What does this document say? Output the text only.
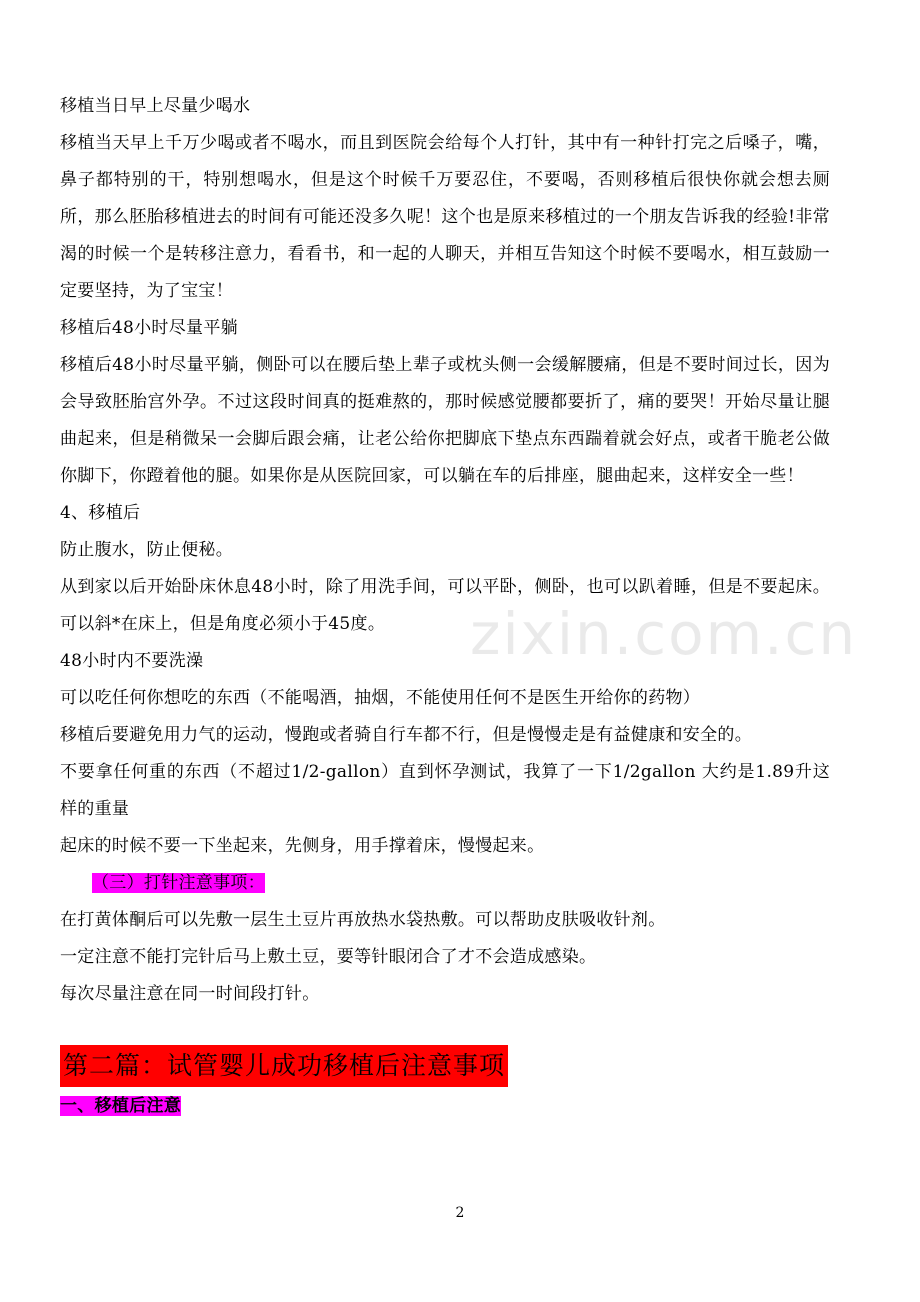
移植当日早上尽量少喝水

移植当天早上千万少喝或者不喝水，而且到医院会给每个人打针，其中有一种针打完之后嗓子，嘴，鼻子都特别的干，特别想喝水，但是这个时候千万要忍住，不要喝，否则移植后很快你就会想去厕所，那么胚胎移植进去的时间有可能还没多久呢！这个也是原来移植过的一个朋友告诉我的经验!非常渴的时候一个是转移注意力，看看书，和一起的人聊天，并相互告知这个时候不要喝水，相互鼓励一定要坚持，为了宝宝！

移植后48小时尽量平躺

移植后48小时尽量平躺，侧卧可以在腰后垫上辈子或枕头侧一会缓解腰痛，但是不要时间过长，因为会导致胚胎宫外孕。不过这段时间真的挺难熬的，那时候感觉腰都要折了，痛的要哭！开始尽量让腿曲起来，但是稍微呆一会脚后跟会痛，让老公给你把脚底下垫点东西踹着就会好点，或者干脆老公做你脚下，你蹬着他的腿。如果你是从医院回家，可以躺在车的后排座，腿曲起来，这样安全一些！

4、移植后

防止腹水，防止便秘。

从到家以后开始卧床休息48小时，除了用洗手间，可以平卧，侧卧，也可以趴着睡，但是不要起床。可以斜*在床上，但是角度必须小于45度。

48小时内不要洗澡

可以吃任何你想吃的东西（不能喝酒，抽烟，不能使用任何不是医生开给你的药物）

移植后要避免用力气的运动，慢跑或者骑自行车都不行，但是慢慢走是有益健康和安全的。

不要拿任何重的东西（不超过1/2-gallon）直到怀孕测试，我算了一下1/2gallon 大约是1.89升这样的重量

起床的时候不要一下坐起来，先侧身，用手撑着床，慢慢起来。

（三）打针注意事项：

在打黄体酮后可以先敷一层生土豆片再放热水袋热敷。可以帮助皮肤吸收针剂。

一定注意不能打完针后马上敷土豆，要等针眼闭合了才不会造成感染。

每次尽量注意在同一时间段打针。

第二篇：试管婴儿成功移植后注意事项

一、移植后注意

zixin.com.cn
2
